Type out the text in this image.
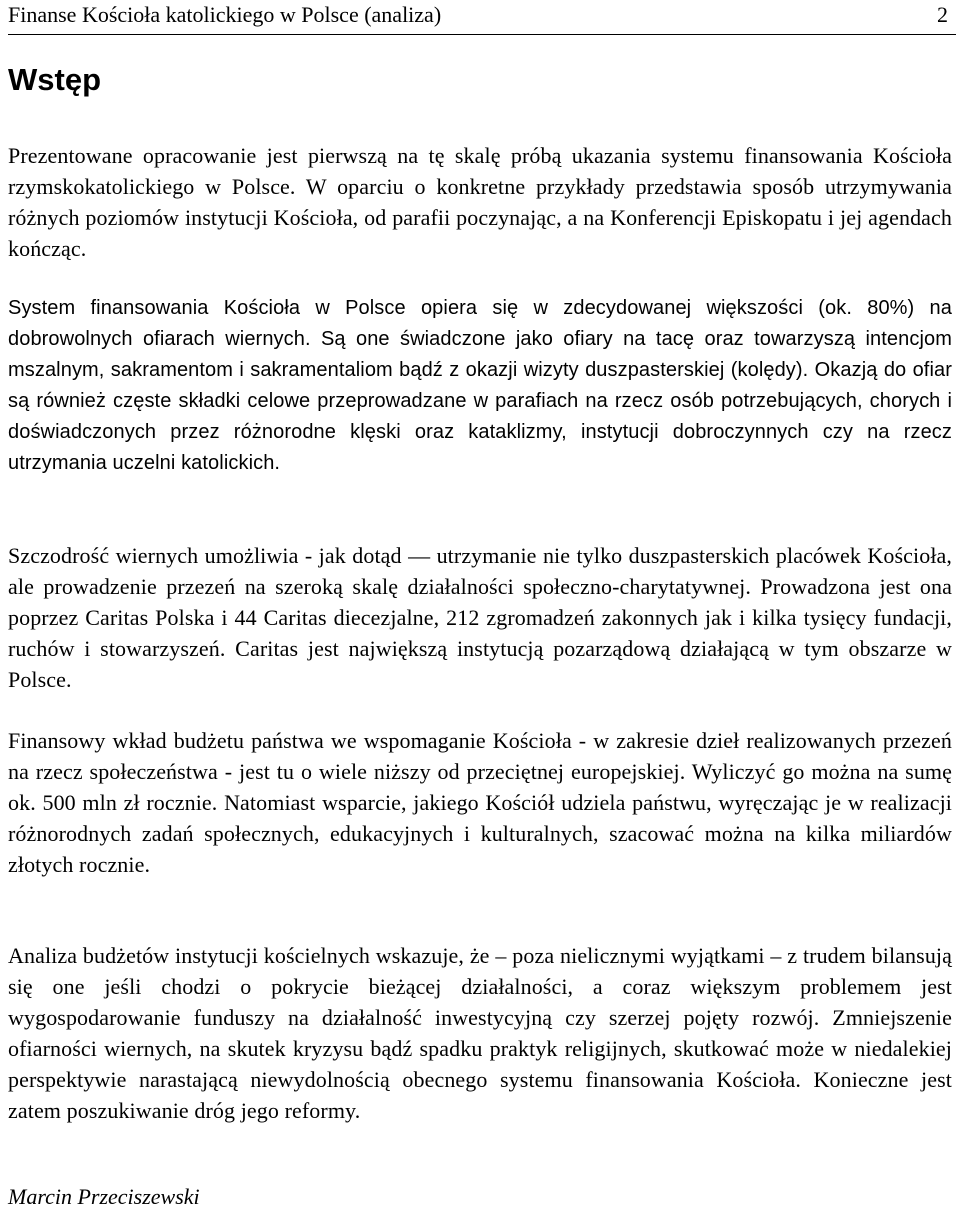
Finanse Kościoła katolickiego w Polsce (analiza)	2
Wstęp

Prezentowane opracowanie jest pierwszą na tę skalę próbą ukazania systemu finansowania Kościoła rzymskokatolickiego w Polsce. W oparciu o konkretne przykłady przedstawia sposób utrzymywania różnych poziomów instytucji Kościoła, od parafii poczynając, a na Konferencji Episkopatu i jej agendach kończąc.

System finansowania Kościoła w Polsce opiera się w zdecydowanej większości (ok. 80%) na dobrowolnych ofiarach wiernych. Są one świadczone jako ofiary na tacę oraz towarzyszą intencjom mszalnym, sakramentom i sakramentaliom bądź z okazji wizyty duszpasterskiej (kolędy). Okazją do ofiar są również częste składki celowe przeprowadzane w parafiach na rzecz osób potrzebujących, chorych i doświadczonych przez różnorodne klęski oraz kataklizmy, instytucji dobroczynnych czy na rzecz utrzymania uczelni katolickich.

Szczodrość wiernych umożliwia - jak dotąd — utrzymanie nie tylko duszpasterskich placówek Kościoła, ale prowadzenie przezeń na szeroką skalę działalności społeczno-charytatywnej. Prowadzona jest ona poprzez Caritas Polska i 44 Caritas diecezjalne, 212 zgromadzeń zakonnych jak i kilka tysięcy fundacji, ruchów i stowarzyszeń. Caritas jest największą instytucją pozarządową działającą w tym obszarze w Polsce.

Finansowy wkład budżetu państwa we wspomaganie Kościoła - w zakresie dzieł realizowanych przezeń na rzecz społeczeństwa - jest tu o wiele niższy od przeciętnej europejskiej. Wyliczyć go można na sumę ok. 500 mln zł rocznie. Natomiast wsparcie, jakiego Kościół udziela państwu, wyręczając je w realizacji różnorodnych zadań społecznych, edukacyjnych i kulturalnych, szacować można na kilka miliardów złotych rocznie.

Analiza budżetów instytucji kościelnych wskazuje, że – poza nielicznymi wyjątkami – z trudem bilansują się one jeśli chodzi o pokrycie bieżącej działalności, a coraz większym problemem jest wygospodarowanie funduszy na działalność inwestycyjną czy szerzej pojęty rozwój. Zmniejszenie ofiarności wiernych, na skutek kryzysu bądź spadku praktyk religijnych, skutkować może w niedalekiej perspektywie narastającą niewydolnością obecnego systemu finansowania Kościoła. Konieczne jest zatem poszukiwanie dróg jego reformy.

Marcin Przeciszewski
